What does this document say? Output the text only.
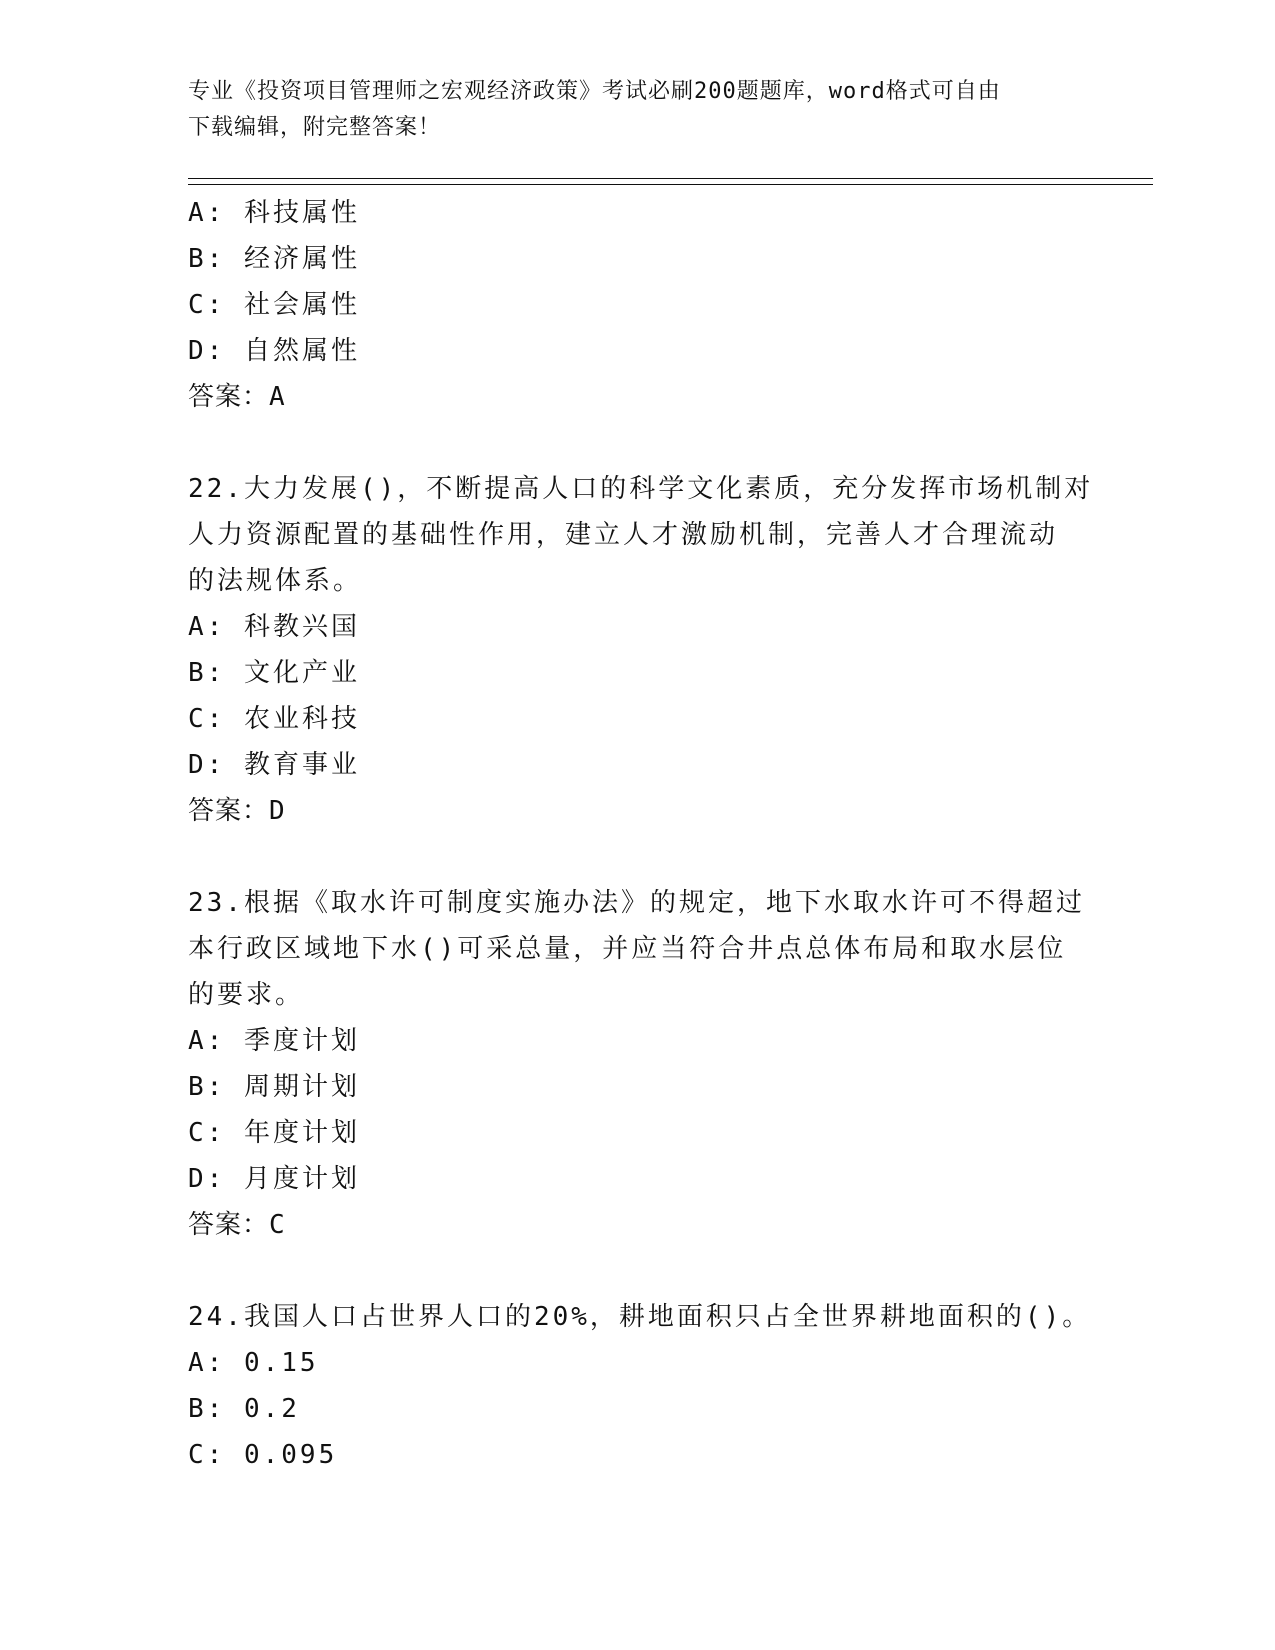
专业《投资项目管理师之宏观经济政策》考试必刷200题题库，word格式可自由
下载编辑，附完整答案！
A: 科技属性
B: 经济属性
C: 社会属性
D: 自然属性
答案：A
22.大力发展()，不断提高人口的科学文化素质，充分发挥市场机制对
人力资源配置的基础性作用，建立人才激励机制，完善人才合理流动
的法规体系。
A: 科教兴国
B: 文化产业
C: 农业科技
D: 教育事业
答案：D
23.根据《取水许可制度实施办法》的规定，地下水取水许可不得超过
本行政区域地下水()可采总量，并应当符合井点总体布局和取水层位
的要求。
A: 季度计划
B: 周期计划
C: 年度计划
D: 月度计划
答案：C
24.我国人口占世界人口的20%，耕地面积只占全世界耕地面积的()。
A: 0.15
B: 0.2
C: 0.095
